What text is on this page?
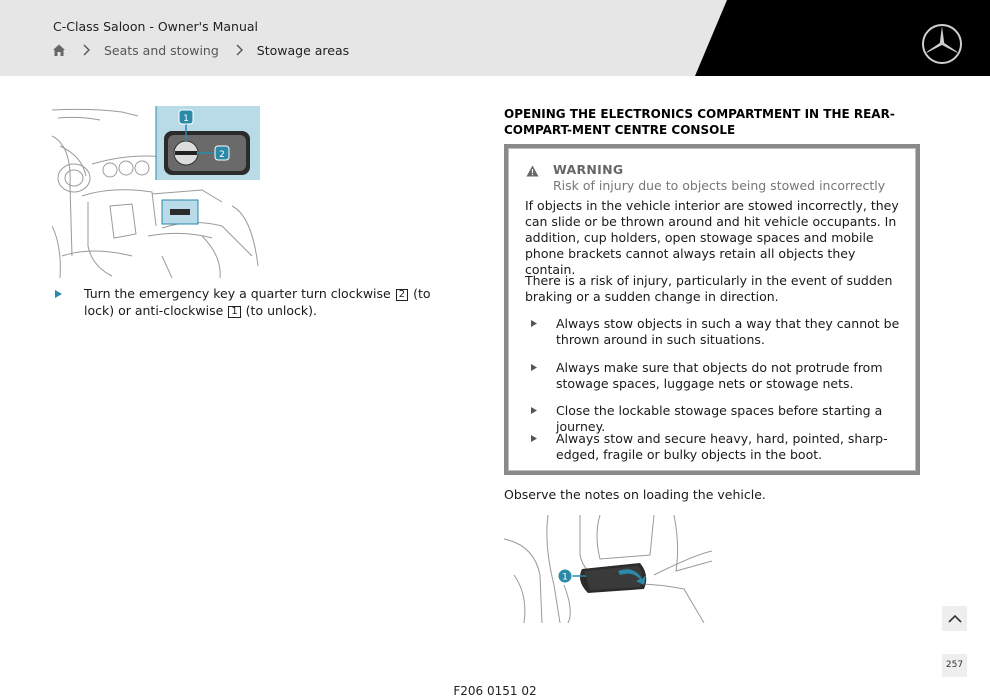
C-Class Saloon - Owner's Manual
Seats and stowing	Stowage areas
2
1
Turn the emergency key a quarter turn clockwise 2 (to lock) or anti-clockwise 1 (to unlock).
OPENING THE ELECTRONICS COMPARTMENT IN THE REAR-COMPART-MENT CENTRE CONSOLE
WARNING
Risk of injury due to objects being stowed incorrectly
If objects in the vehicle interior are stowed incorrectly, they can slide or be thrown around and hit vehicle occupants. In addition, cup holders, open stowage spaces and mobile phone brackets cannot always retain all objects they contain.
There is a risk of injury, particularly in the event of sudden braking or a sudden change in direction.
Always stow objects in such a way that they cannot be thrown around in such situations.
Always make sure that objects do not protrude from stowage spaces, luggage nets or stowage nets.
Close the lockable stowage spaces before starting a journey.
Always stow and secure heavy, hard, pointed, sharp-edged, fragile or bulky objects in the boot.
Observe the notes on loading the vehicle.
1
F206 0151 02
257
